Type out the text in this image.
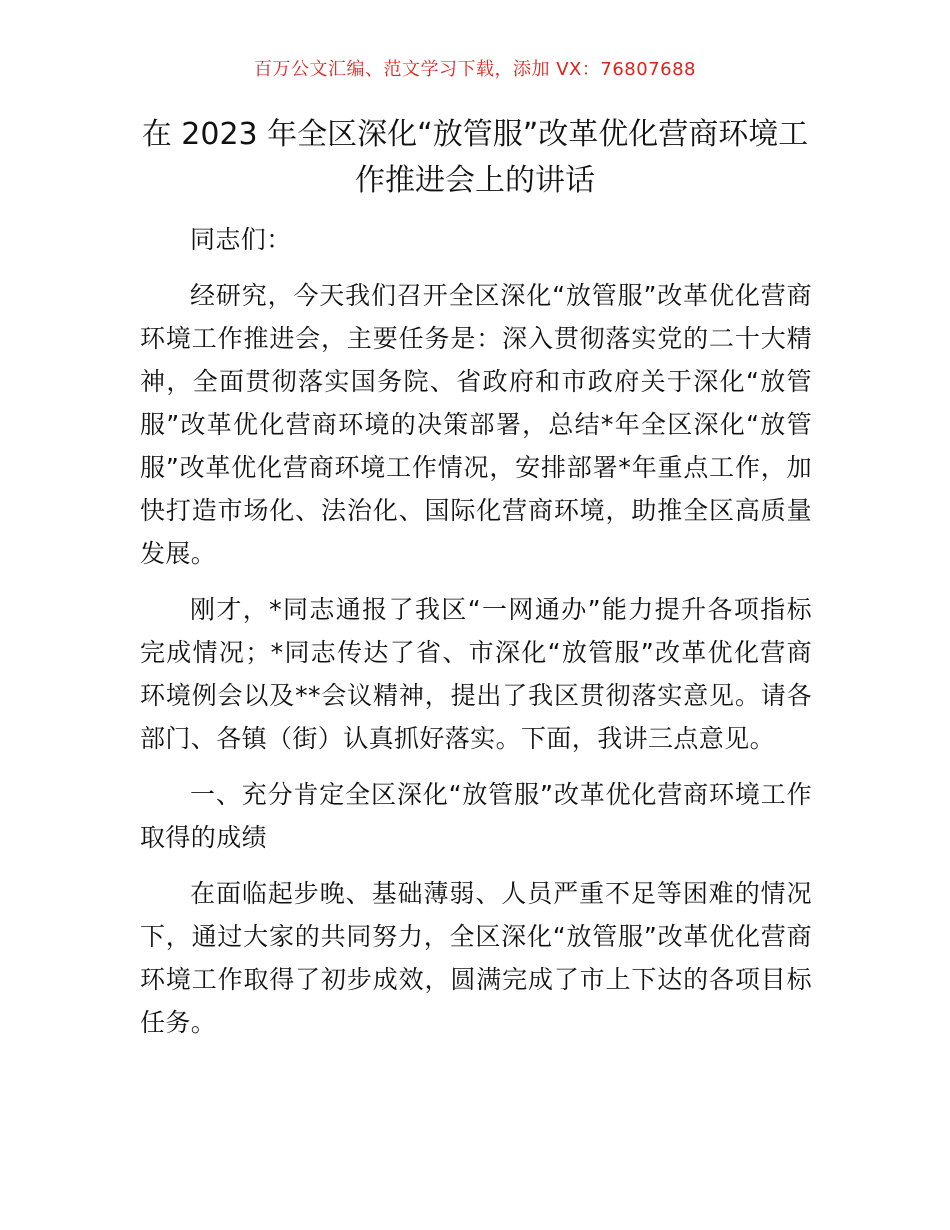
百万公文汇编、范文学习下载，添加 VX：76807688
在 2023 年全区深化“放管服”改革优化营商环境工作推进会上的讲话

同志们：

经研究，今天我们召开全区深化“放管服”改革优化营商环境工作推进会，主要任务是：深入贯彻落实党的二十大精神，全面贯彻落实国务院、省政府和市政府关于深化“放管服”改革优化营商环境的决策部署，总结*年全区深化“放管服”改革优化营商环境工作情况，安排部署*年重点工作，加快打造市场化、法治化、国际化营商环境，助推全区高质量发展。

刚才，*同志通报了我区“一网通办”能力提升各项指标完成情况；*同志传达了省、市深化“放管服”改革优化营商环境例会以及**会议精神，提出了我区贯彻落实意见。请各部门、各镇（街）认真抓好落实。下面，我讲三点意见。

一、充分肯定全区深化“放管服”改革优化营商环境工作取得的成绩

在面临起步晚、基础薄弱、人员严重不足等困难的情况下，通过大家的共同努力，全区深化“放管服”改革优化营商环境工作取得了初步成效，圆满完成了市上下达的各项目标任务。
